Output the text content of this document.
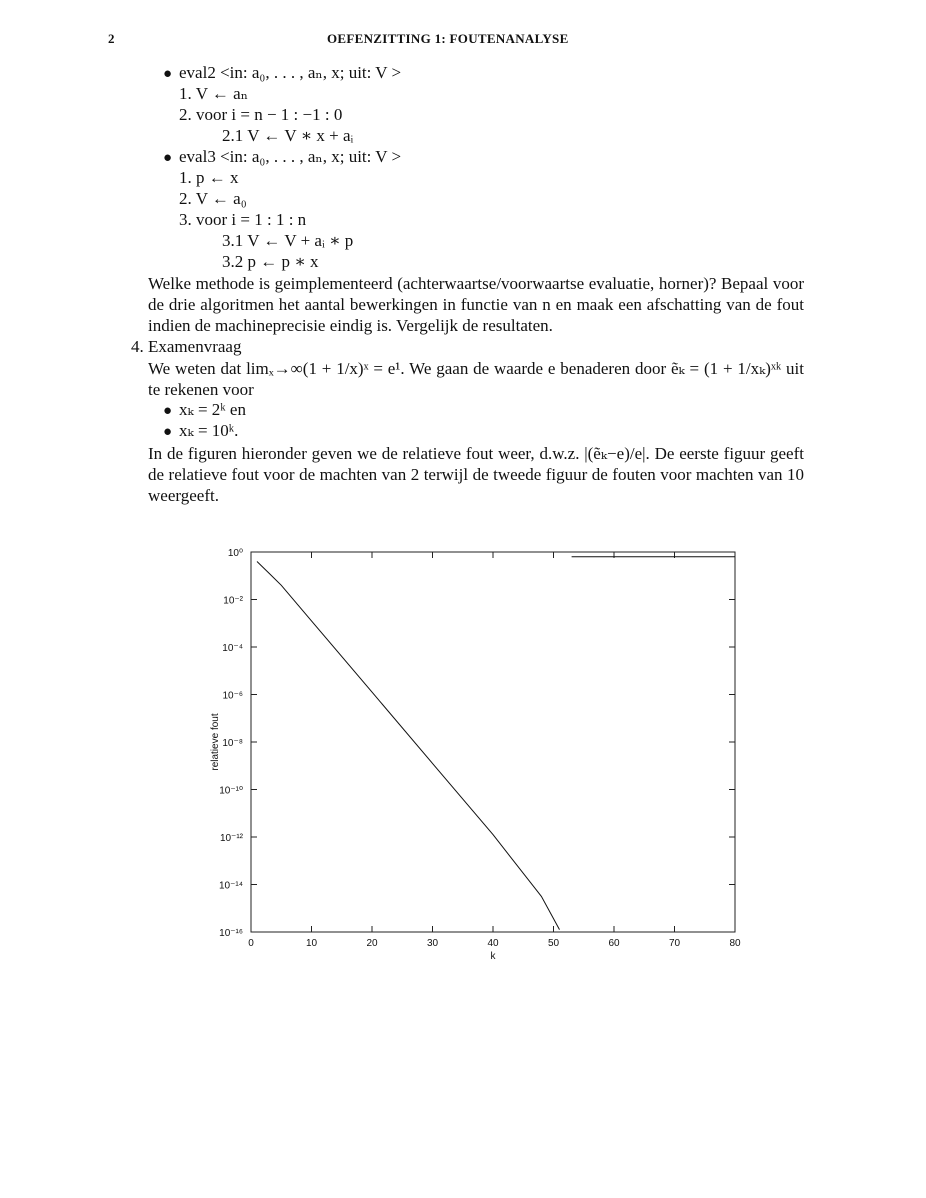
2	OEFENZITTING 1: FOUTENANALYSE
● eval2 <in: a₀, . . . , aₙ, x; uit: V >
1. V ← aₙ
2. voor i = n − 1 : −1 : 0
2.1 V ← V ∗ x + aᵢ
● eval3 <in: a₀, . . . , aₙ, x; uit: V >
1. p ← x
2. V ← a₀
3. voor i = 1 : 1 : n
3.1 V ← V + aᵢ ∗ p
3.2 p ← p ∗ x
Welke methode is geimplementeerd (achterwaartse/voorwaartse evaluatie, horner)? Bepaal voor de drie algoritmen het aantal bewerkingen in functie van n en maak een afschatting van de fout indien de machineprecisie eindig is. Vergelijk de resultaten.
4. Examenvraag
We weten dat limₓ→∞(1 + 1/x)ˣ = e¹. We gaan de waarde e benaderen door ẽₖ = (1 + 1/xₖ)ˣᵏ uit te rekenen voor
● xₖ = 2ᵏ en
● xₖ = 10ᵏ.
In de figuren hieronder geven we de relatieve fout weer, d.w.z. |(ẽₖ−e)/e|. De eerste figuur geeft de relatieve fout voor de machten van 2 terwijl de tweede figuur de fouten voor machten van 10 weergeeft.
10⁰
10⁻²
10⁻⁴
10⁻⁶
10⁻⁸
10⁻¹⁰
10⁻¹²
10⁻¹⁴
10⁻¹⁶
0	10	20	30	40	50	60	70	80
k
relatieve fout
